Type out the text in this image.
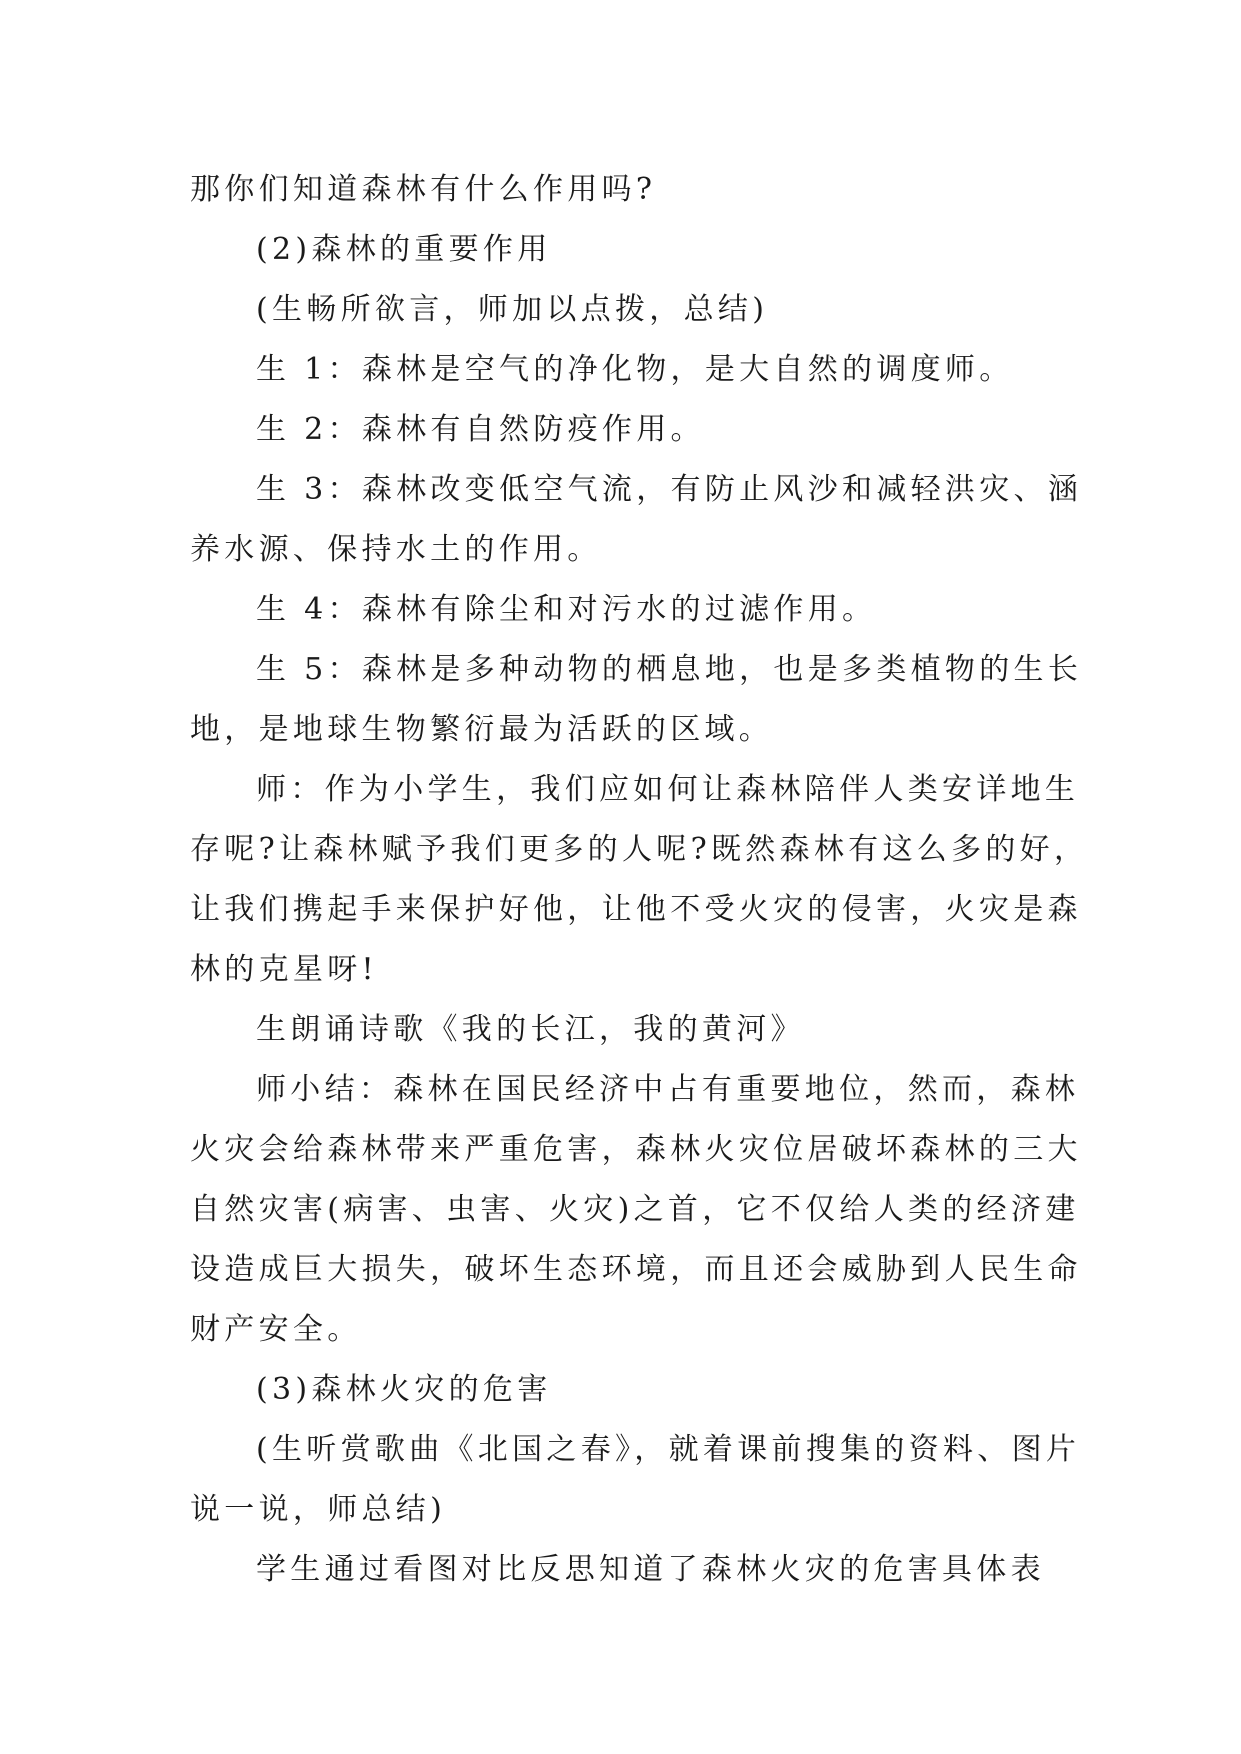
那你们知道森林有什么作用吗?
(2)森林的重要作用
(生畅所欲言，师加以点拨，总结)
生 1：森林是空气的净化物，是大自然的调度师。
生 2：森林有自然防疫作用。
生 3：森林改变低空气流，有防止风沙和减轻洪灾、涵
养水源、保持水土的作用。
生 4：森林有除尘和对污水的过滤作用。
生 5：森林是多种动物的栖息地，也是多类植物的生长
地，是地球生物繁衍最为活跃的区域。
师：作为小学生，我们应如何让森林陪伴人类安详地生
存呢?让森林赋予我们更多的人呢?既然森林有这么多的好，
让我们携起手来保护好他，让他不受火灾的侵害，火灾是森
林的克星呀!
生朗诵诗歌《我的长江，我的黄河》
师小结：森林在国民经济中占有重要地位，然而，森林
火灾会给森林带来严重危害，森林火灾位居破坏森林的三大
自然灾害(病害、虫害、火灾)之首，它不仅给人类的经济建
设造成巨大损失，破坏生态环境，而且还会威胁到人民生命
财产安全。
(3)森林火灾的危害
(生听赏歌曲《北国之春》，就着课前搜集的资料、图片
说一说，师总结)
学生通过看图对比反思知道了森林火灾的危害具体表
